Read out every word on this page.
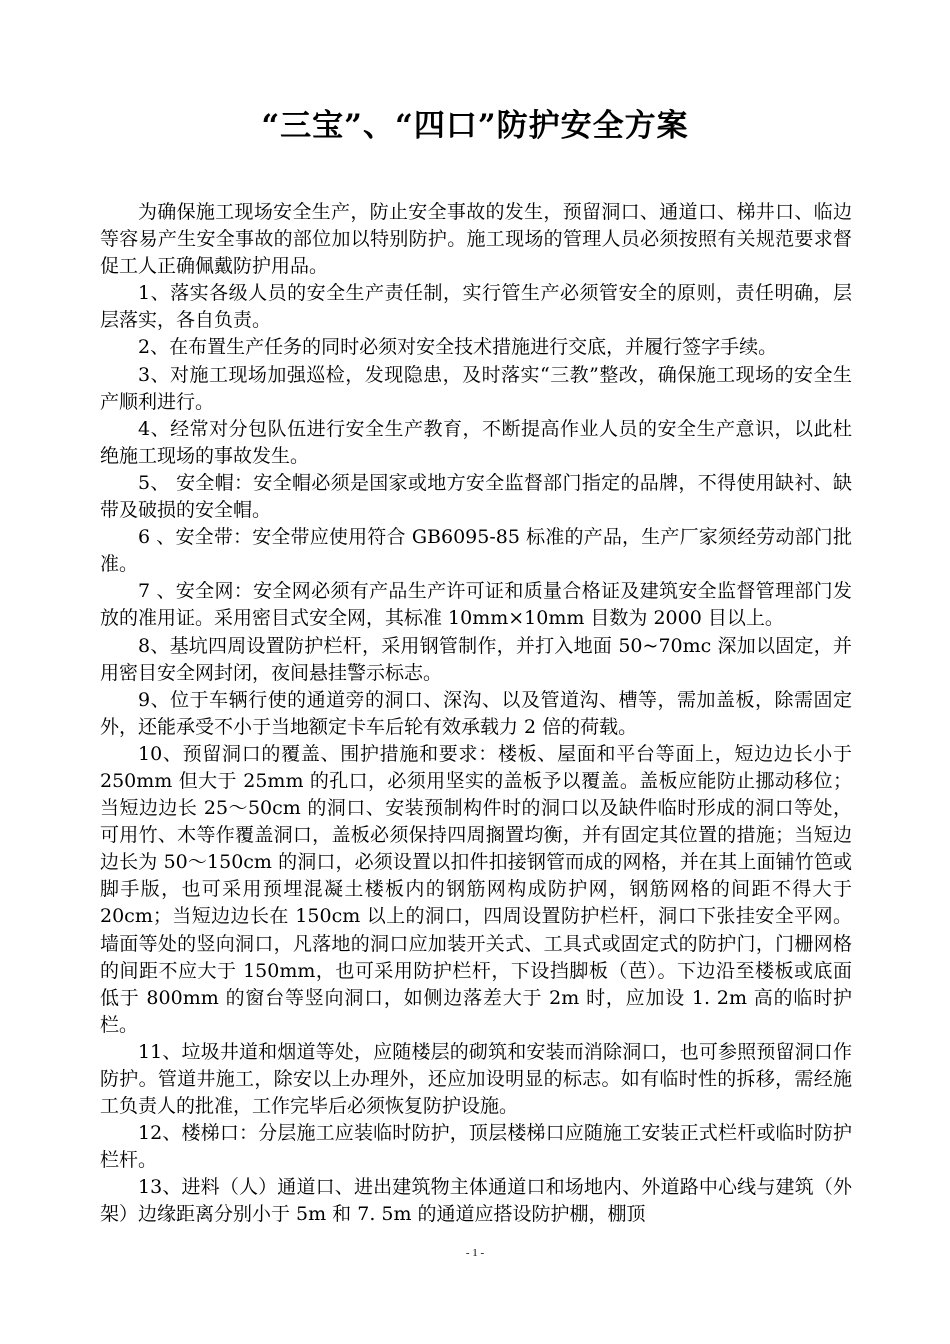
“三宝”、“四口”防护安全方案

为确保施工现场安全生产，防止安全事故的发生，预留洞口、通道口、梯井口、临边等容易产生安全事故的部位加以特别防护。施工现场的管理人员必须按照有关规范要求督促工人正确佩戴防护用品。

1、落实各级人员的安全生产责任制，实行管生产必须管安全的原则，责任明确，层层落实，各自负责。

2、在布置生产任务的同时必须对安全技术措施进行交底，并履行签字手续。

3、对施工现场加强巡检，发现隐患，及时落实“三教”整改，确保施工现场的安全生产顺利进行。

4、经常对分包队伍进行安全生产教育，不断提高作业人员的安全生产意识，以此杜绝施工现场的事故发生。

5、 安全帽：安全帽必须是国家或地方安全监督部门指定的品牌，不得使用缺衬、缺带及破损的安全帽。

6 、安全带：安全带应使用符合 GB6095-85 标准的产品，生产厂家须经劳动部门批准。

7 、安全网：安全网必须有产品生产许可证和质量合格证及建筑安全监督管理部门发放的准用证。采用密目式安全网，其标准 10mm×10mm 目数为 2000 目以上。

8、基坑四周设置防护栏杆，采用钢管制作，并打入地面 50~70mc 深加以固定，并用密目安全网封闭，夜间悬挂警示标志。

9、位于车辆行使的通道旁的洞口、深沟、以及管道沟、槽等，需加盖板，除需固定外，还能承受不小于当地额定卡车后轮有效承载力 2 倍的荷载。

10、预留洞口的覆盖、围护措施和要求：楼板、屋面和平台等面上，短边边长小于 250mm 但大于 25mm 的孔口，必须用坚实的盖板予以覆盖。盖板应能防止挪动移位；当短边边长 25～50cm 的洞口、安装预制构件时的洞口以及缺件临时形成的洞口等处，可用竹、木等作覆盖洞口，盖板必须保持四周搁置均衡，并有固定其位置的措施；当短边边长为 50～150cm 的洞口，必须设置以扣件扣接钢管而成的网格，并在其上面铺竹笆或脚手版，也可采用预埋混凝土楼板内的钢筋网构成防护网，钢筋网格的间距不得大于 20cm；当短边边长在 150cm 以上的洞口，四周设置防护栏杆，洞口下张挂安全平网。墙面等处的竖向洞口，凡落地的洞口应加装开关式、工具式或固定式的防护门，门栅网格的间距不应大于 150mm，也可采用防护栏杆，下设挡脚板（芭）。下边沿至楼板或底面低于 800mm 的窗台等竖向洞口，如侧边落差大于 2m 时，应加设 1. 2m 高的临时护栏。

11、垃圾井道和烟道等处，应随楼层的砌筑和安装而消除洞口，也可参照预留洞口作防护。管道井施工，除安以上办理外，还应加设明显的标志。如有临时性的拆移，需经施工负责人的批准，工作完毕后必须恢复防护设施。

12、楼梯口：分层施工应装临时防护，顶层楼梯口应随施工安装正式栏杆或临时防护栏杆。

13、进料（人）通道口、进出建筑物主体通道口和场地内、外道路中心线与建筑（外架）边缘距离分别小于 5m 和 7. 5m 的通道应搭设防护棚，棚顶

- 1 -
